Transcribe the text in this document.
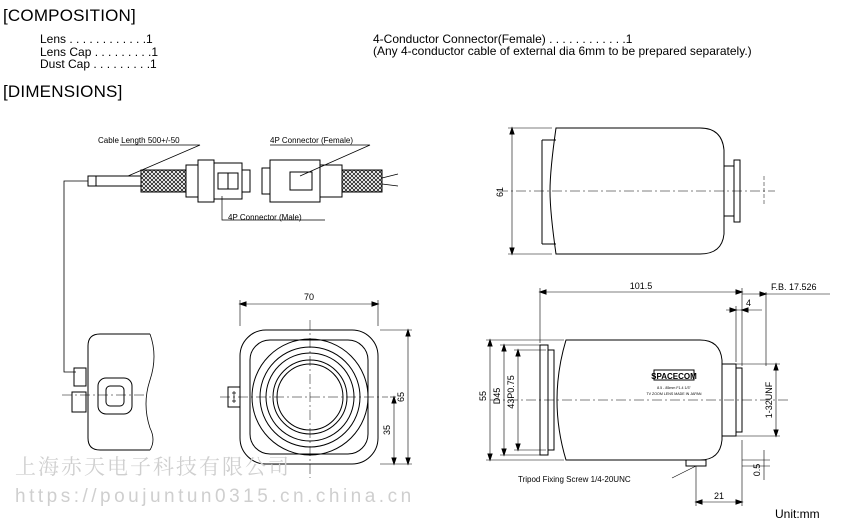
[COMPOSITION]
Lens . . . . . . . . . . . .1
Lens Cap . . . . . . . . .1
Dust Cap . . . . . . . . .1
4-Conductor Connector(Female) . . . . . . . . . . . .1
(Any 4-conductor cable of external dia 6mm to be prepared separately.)
[DIMENSIONS]
Cable Length 500+/-50	4P Connector (Female)
4P Connector (Male)
61
70
65
35
101.5	F.B. 17.526
4
55 D45 43P0.75	1-32UNF
0.5
21
SPACECOM
8.5 - 85mm F1.4 1/3"
TV ZOOM LENS MADE IN JAPAN
Tripod Fixing Screw 1/4-20UNC
上海赤天电子科技有限公司
https://poujuntun0315.cn.china.cn
Unit:mm
